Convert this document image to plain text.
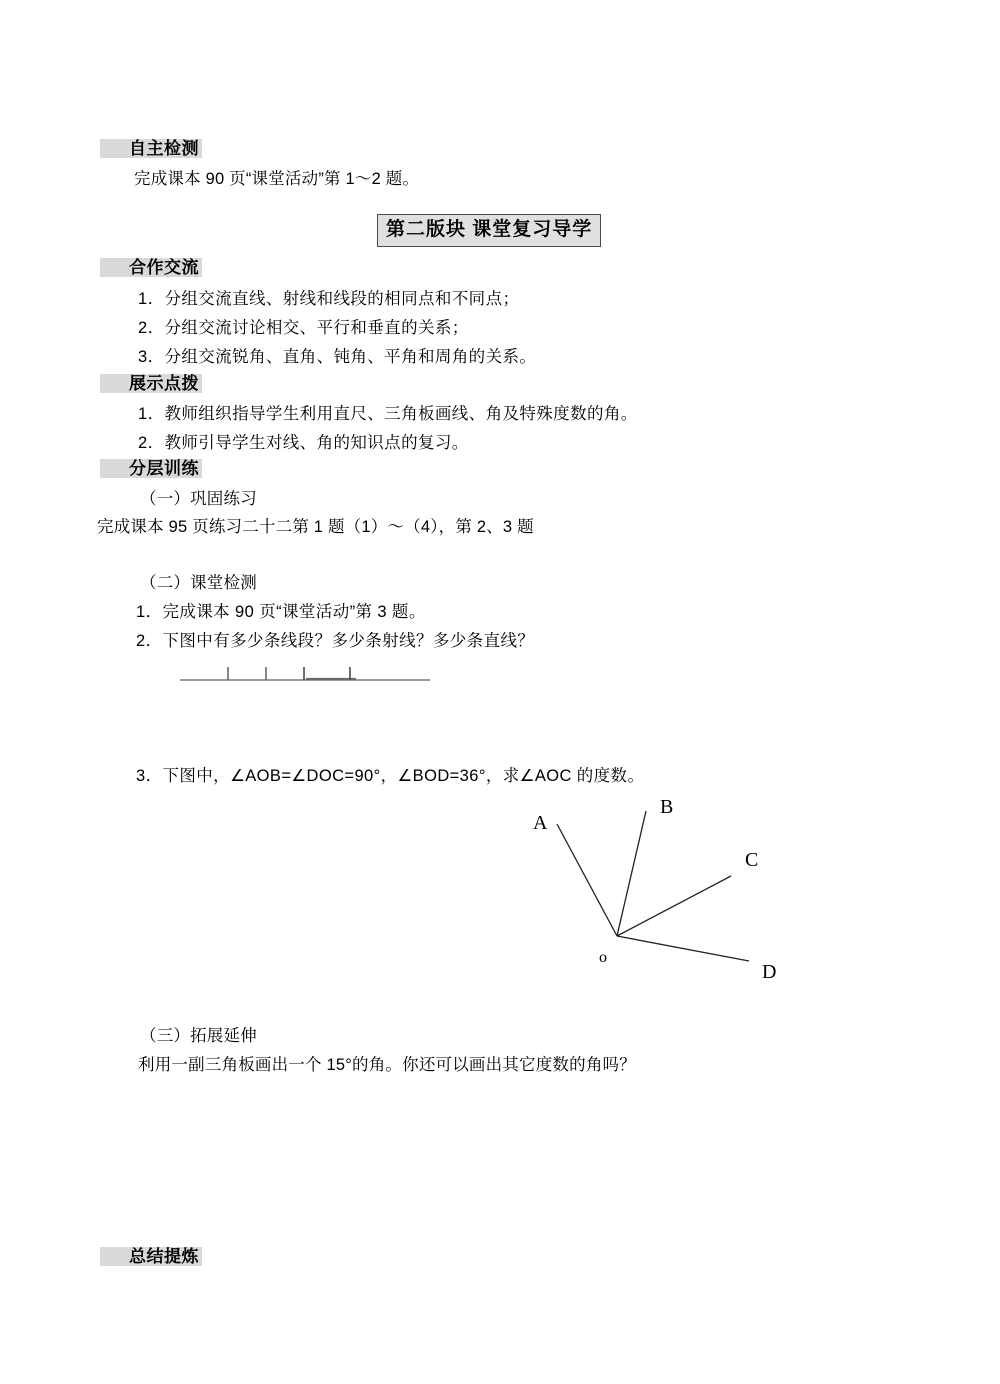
自主检测
完成课本 90 页“课堂活动”第 1～2 题。
第二版块 课堂复习导学
合作交流
1．分组交流直线、射线和线段的相同点和不同点；
2．分组交流讨论相交、平行和垂直的关系；
3．分组交流锐角、直角、钝角、平角和周角的关系。
展示点拨
1．教师组织指导学生利用直尺、三角板画线、角及特殊度数的角。
2．教师引导学生对线、角的知识点的复习。
分层训练
（一）巩固练习
完成课本 95 页练习二十二第 1 题（1）～（4），第 2、3 题
（二）课堂检测
1．完成课本 90 页“课堂活动”第 3 题。
2．下图中有多少条线段？多少条射线？多少条直线？
3．下图中，∠AOB=∠DOC=90°，∠BOD=36°，求∠AOC 的度数。
A
B
C
D
o
（三）拓展延伸
利用一副三角板画出一个 15°的角。你还可以画出其它度数的角吗？
总结提炼
